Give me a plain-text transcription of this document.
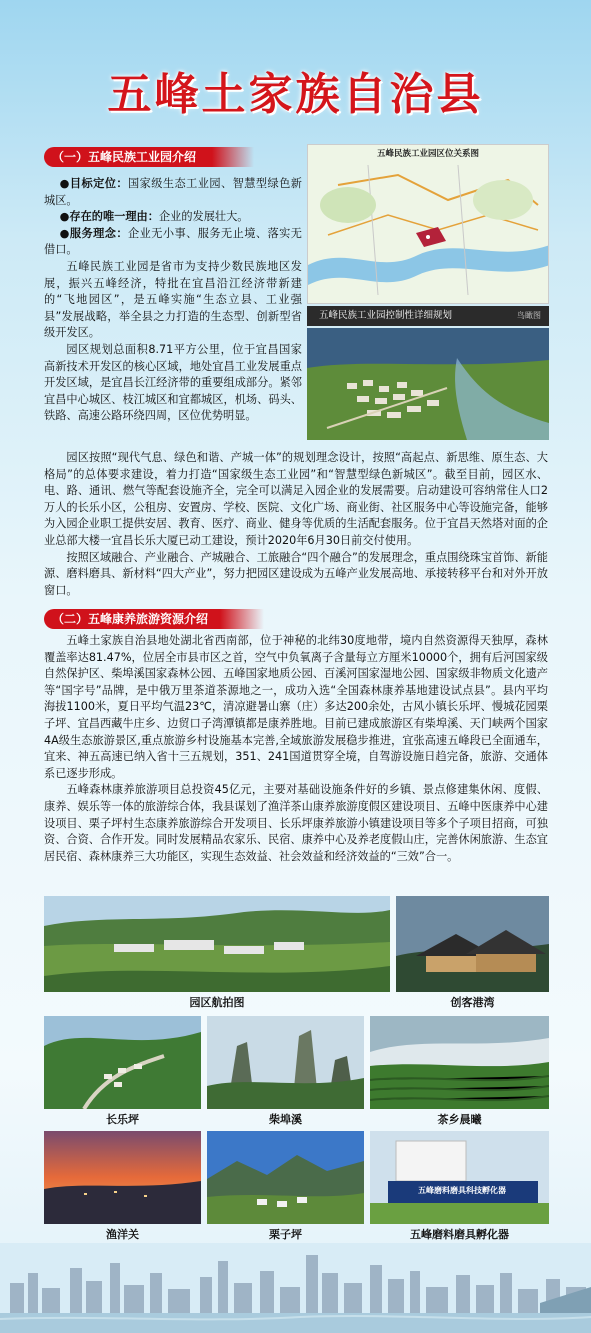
五峰土家族自治县
（一）五峰民族工业园介绍

●目标定位：国家级生态工业园、智慧型绿色新城区。

●存在的唯一理由：企业的发展壮大。

●服务理念：企业无小事、服务无止境、落实无借口。

五峰民族工业园是省市为支持少数民族地区发展，振兴五峰经济，特批在宜昌沿江经济带新建的“飞地园区”，是五峰实施“生态立县、工业强县”发展战略，举全县之力打造的生态型、创新型省级开发区。

园区规划总面积8.71平方公里，位于宜昌国家高新技术开发区的核心区域，地处宜昌工业发展重点开发区域，是宜昌长江经济带的重要组成部分。紧邻宜昌中心城区、枝江城区和宜都城区，机场、码头、铁路、高速公路环绕四周，区位优势明显。

园区按照“现代气息、绿色和谐、产城一体”的规划理念设计，按照“高起点、新思维、原生态、大格局”的总体要求建设，着力打造“国家级生态工业园”和“智慧型绿色新城区”。截至目前，园区水、电、路、通讯、燃气等配套设施齐全，完全可以满足入园企业的发展需要。启动建设可容纳常住人口2万人的长乐小区，公租房、安置房、学校、医院、文化广场、商业街、社区服务中心等设施完备，能够为入园企业职工提供安居、教育、医疗、商业、健身等优质的生活配套服务。位于宜昌天然塔对面的企业总部大楼一宜昌长乐大厦已动工建设，预计2020年6月30日前交付使用。

按照区域融合、产业融合、产城融合、工旅融合“四个融合”的发展理念，重点围绕珠宝首饰、新能源、磨料磨具、新材料“四大产业”，努力把园区建设成为五峰产业发展高地、承接转移平台和对外开放窗口。

五峰民族工业园区位关系图
五峰民族工业园控制性详细规划	鸟瞰图
（二）五峰康养旅游资源介绍

五峰土家族自治县地处湖北省西南部，位于神秘的北纬30度地带，境内自然资源得天独厚，森林覆盖率达81.47%，位居全市县市区之首，空气中负氧离子含量每立方厘米10000个，拥有后河国家级自然保护区、柴埠溪国家森林公园、五峰国家地质公园、百溪河国家湿地公园、国家级非物质文化遗产等“国字号”品牌，是中俄万里茶道茶源地之一，成功入选“全国森林康养基地建设试点县”。县内平均海拔1100米，夏日平均气温23℃，清凉避暑山寨（庄）多达200余处，古风小镇长乐坪、慢城花园栗子坪、宜昌西藏牛庄乡、边贸口子湾潭镇都是康养胜地。目前已建成旅游区有柴埠溪、天门峡两个国家4A级生态旅游景区,重点旅游乡村设施基本完善,全域旅游发展稳步推进，宜张高速五峰段已全面通车，宜来、神五高速已纳入省十三五规划，351、241国道贯穿全境，自驾游设施日趋完备，旅游、交通体系已逐步形成。

五峰森林康养旅游项目总投资45亿元，主要对基础设施条件好的乡镇、景点修建集休闲、度假、康养、娱乐等一体的旅游综合体，我县谋划了渔洋茶山康养旅游度假区建设项目、五峰中医康养中心建设项目、栗子坪村生态康养旅游综合开发项目、长乐坪康养旅游小镇建设项目等多个子项目招商，可独资、合资、合作开发。同时发展精品农家乐、民宿、康养中心及养老度假山庄，完善休闲旅游、生态宜居民宿、森林康养三大功能区，实现生态效益、社会效益和经济效益的“三效”合一。

园区航拍图	创客港湾
长乐坪	柴埠溪	茶乡晨曦
渔洋关	栗子坪
五峰磨料磨具科技孵化器
五峰磨料磨具孵化器
